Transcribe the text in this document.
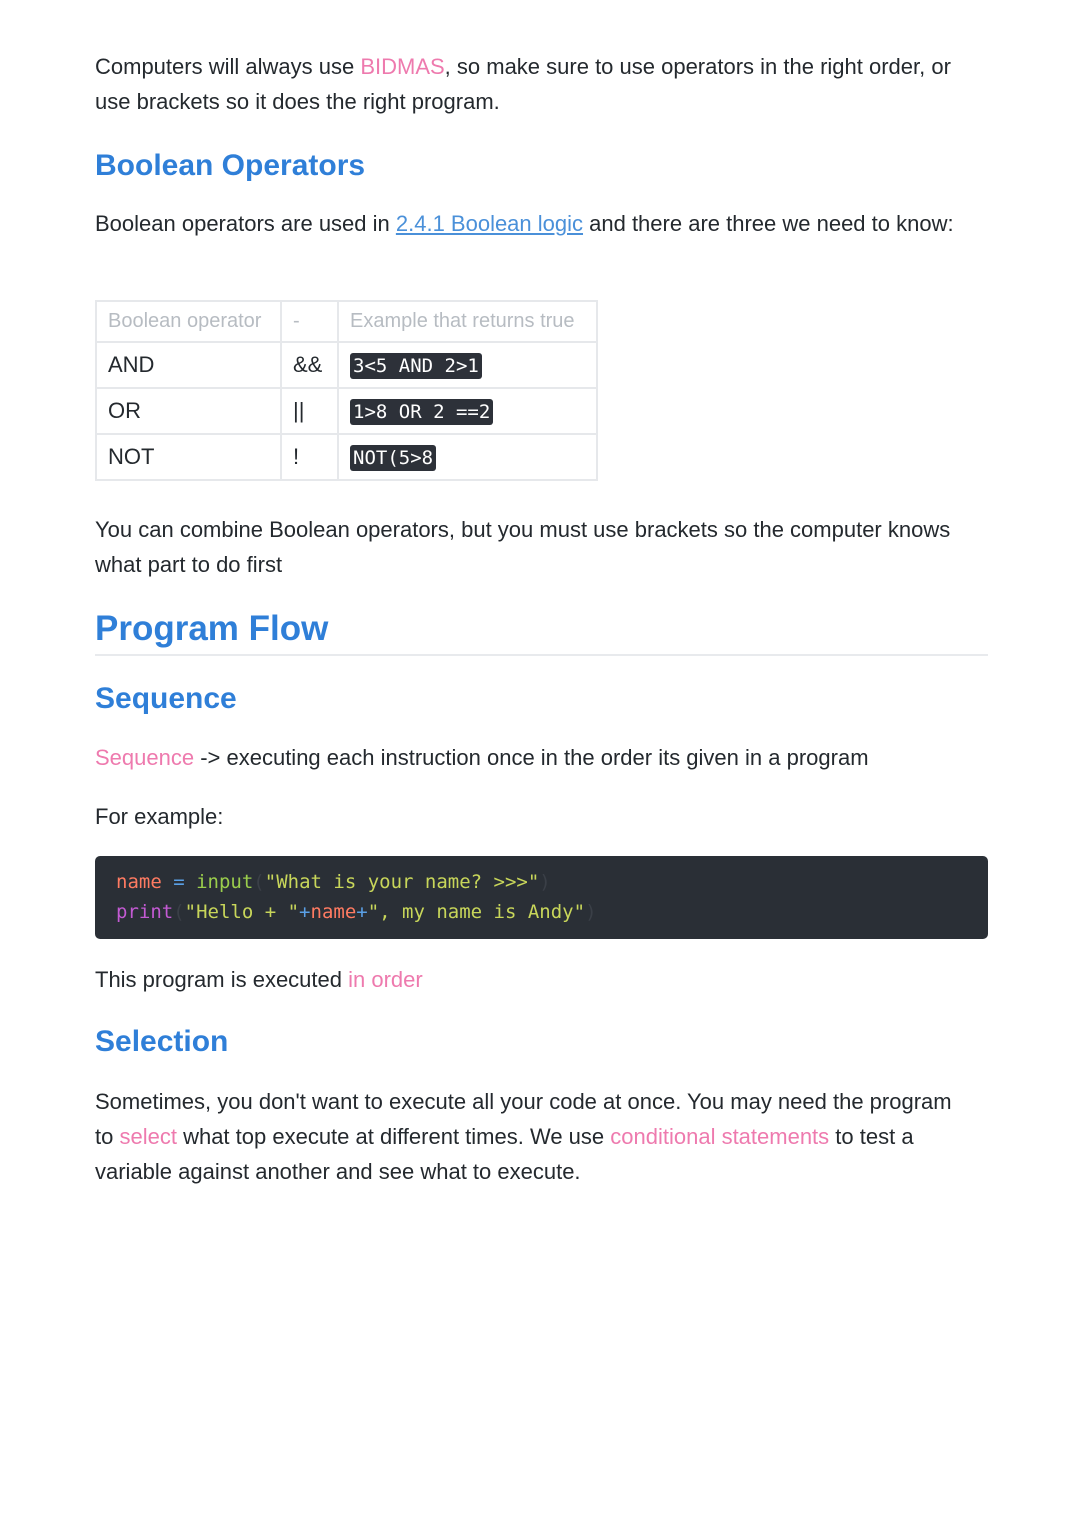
Computers will always use BIDMAS, so make sure to use operators in the right order, or use brackets so it does the right program.

Boolean Operators

Boolean operators are used in 2.4.1 Boolean logic and there are three we need to know:

Boolean operator	-	Example that returns true
AND	&&	3<5 AND 2>1
OR	||	1>8 OR 2 ==2
NOT	!	NOT(5>8

You can combine Boolean operators, but you must use brackets so the computer knows what part to do first

Program Flow
Sequence

Sequence -> executing each instruction once in the order its given in a program

For example:

name = input("What is your name? >>>")
print("Hello + "+name+", my name is Andy")

This program is executed in order

Selection

Sometimes, you don't want to execute all your code at once. You may need the program to select what top execute at different times. We use conditional statements to test a variable against another and see what to execute.
